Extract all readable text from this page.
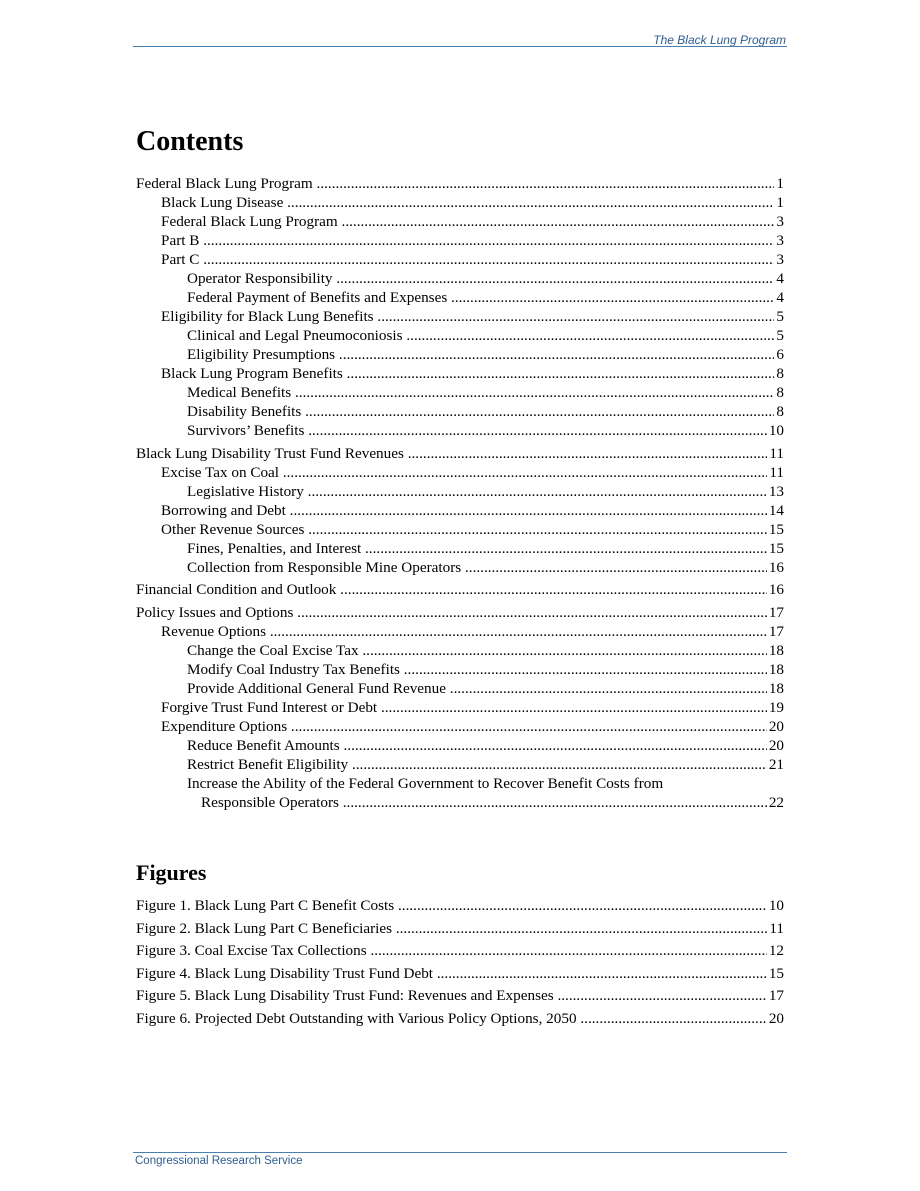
The Black Lung Program
Contents
Federal Black Lung Program .....	1
Black Lung Disease .....	1
Federal Black Lung Program .....	3
Part B .....	3
Part C .....	3
Operator Responsibility .....	4
Federal Payment of Benefits and Expenses .....	4
Eligibility for Black Lung Benefits .....	5
Clinical and Legal Pneumoconiosis .....	5
Eligibility Presumptions .....	6
Black Lung Program Benefits .....	8
Medical Benefits .....	8
Disability Benefits .....	8
Survivors’ Benefits .....	10
Black Lung Disability Trust Fund Revenues .....	11
Excise Tax on Coal .....	11
Legislative History .....	13
Borrowing and Debt .....	14
Other Revenue Sources .....	15
Fines, Penalties, and Interest .....	15
Collection from Responsible Mine Operators .....	16
Financial Condition and Outlook .....	16
Policy Issues and Options .....	17
Revenue Options .....	17
Change the Coal Excise Tax .....	18
Modify Coal Industry Tax Benefits .....	18
Provide Additional General Fund Revenue .....	18
Forgive Trust Fund Interest or Debt .....	19
Expenditure Options .....	20
Reduce Benefit Amounts .....	20
Restrict Benefit Eligibility .....	21
Increase the Ability of the Federal Government to Recover Benefit Costs from
Responsible Operators .....	22
Figures
Figure 1. Black Lung Part C Benefit Costs .....	10
Figure 2. Black Lung Part C Beneficiaries .....	11
Figure 3. Coal Excise Tax Collections .....	12
Figure 4. Black Lung Disability Trust Fund Debt .....	15
Figure 5. Black Lung Disability Trust Fund: Revenues and Expenses .....	17
Figure 6. Projected Debt Outstanding with Various Policy Options, 2050 .....	20
Congressional Research Service
